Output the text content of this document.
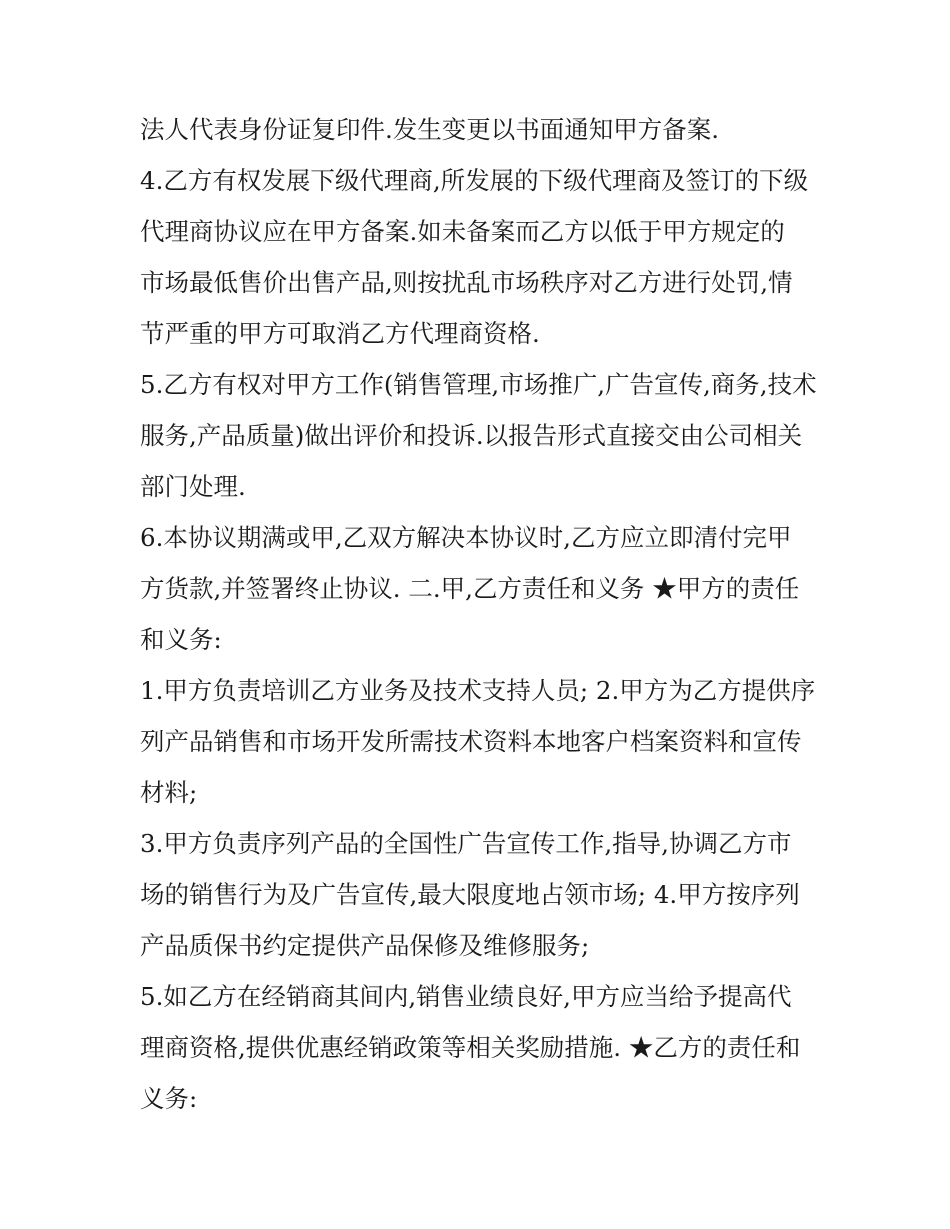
法人代表身份证复印件.发生变更以书面通知甲方备案.
4.乙方有权发展下级代理商,所发展的下级代理商及签订的下级
代理商协议应在甲方备案.如未备案而乙方以低于甲方规定的
市场最低售价出售产品,则按扰乱市场秩序对乙方进行处罚,情
节严重的甲方可取消乙方代理商资格.
5.乙方有权对甲方工作(销售管理,市场推广,广告宣传,商务,技术
服务,产品质量)做出评价和投诉.以报告形式直接交由公司相关
部门处理.
6.本协议期满或甲,乙双方解决本协议时,乙方应立即清付完甲
方货款,并签署终止协议. 二.甲,乙方责任和义务 ★甲方的责任
和义务:
1.甲方负责培训乙方业务及技术支持人员; 2.甲方为乙方提供序
列产品销售和市场开发所需技术资料本地客户档案资料和宣传
材料;
3.甲方负责序列产品的全国性广告宣传工作,指导,协调乙方市
场的销售行为及广告宣传,最大限度地占领市场; 4.甲方按序列
产品质保书约定提供产品保修及维修服务;
5.如乙方在经销商其间内,销售业绩良好,甲方应当给予提高代
理商资格,提供优惠经销政策等相关奖励措施. ★乙方的责任和
义务:
